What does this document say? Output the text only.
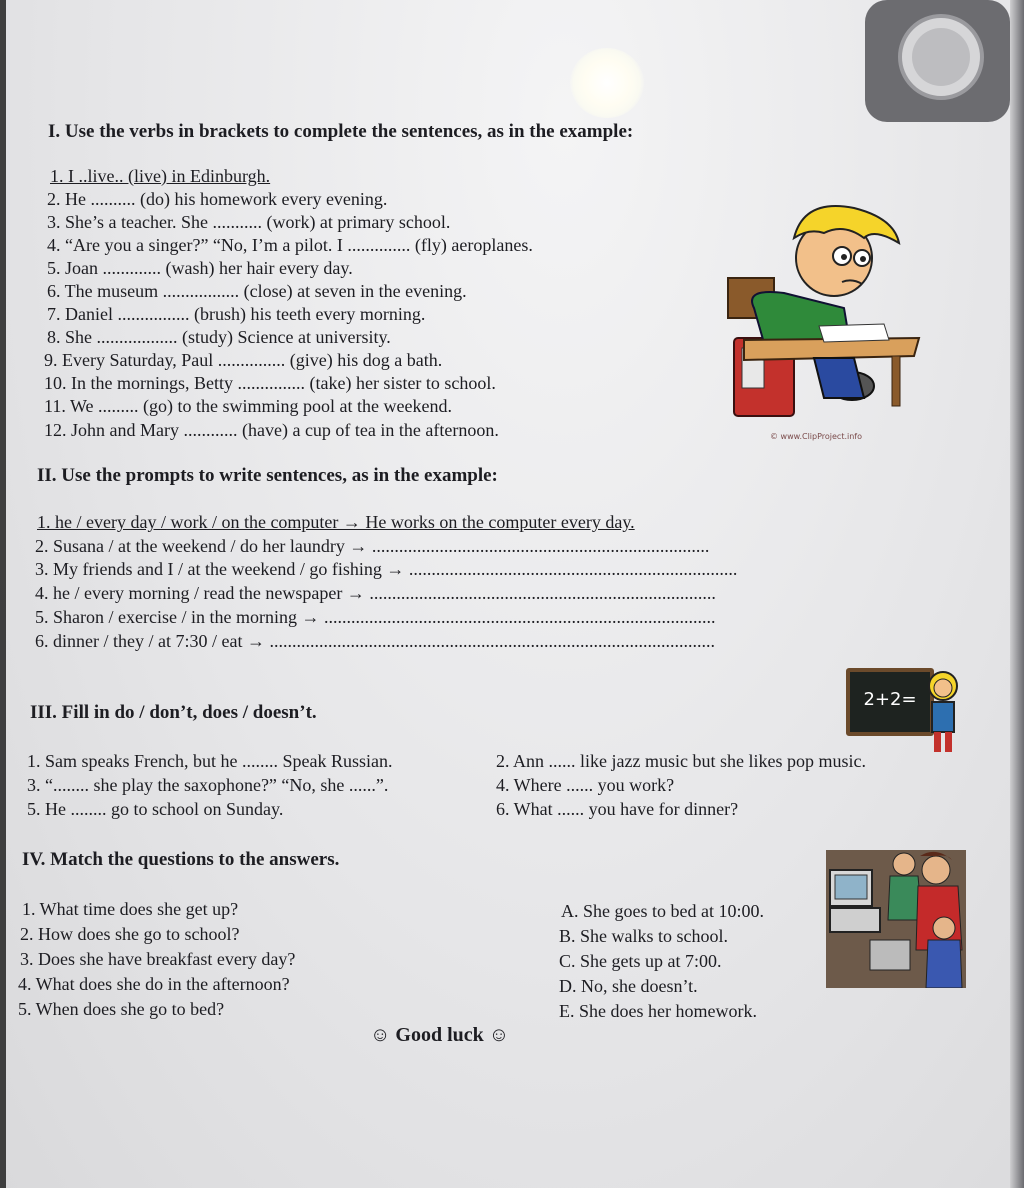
I. Use the verbs in brackets to complete the sentences, as in the example:
1. I ..live.. (live) in Edinburgh.
2. He .......... (do) his homework every evening.
3. She’s a teacher. She ........... (work) at primary school.
4. “Are you a singer?” “No, I’m a pilot. I .............. (fly) aeroplanes.
5. Joan ............. (wash) her hair every day.
6. The museum ................. (close) at seven in the evening.
7. Daniel ................ (brush) his teeth every morning.
8. She .................. (study) Science at university.
9. Every Saturday, Paul ............... (give) his dog a bath.
10. In the mornings, Betty ............... (take) her sister to school.
11. We ......... (go) to the swimming pool at the weekend.
12. John and Mary ............ (have) a cup of tea in the afternoon.	© www.ClipProject.info
II. Use the prompts to write sentences, as in the example:
1. he / every day / work / on the computer → He works on the computer every day.
2. Susana / at the weekend / do her laundry → ...........................................................................
3. My friends and I / at the weekend / go fishing → .........................................................................
4. he / every morning / read the newspaper → .............................................................................
5. Sharon / exercise / in the morning → .......................................................................................
6. dinner / they / at 7:30 / eat → ...................................................................................................
III. Fill in do / don’t, does / doesn’t.
2+2=
1. Sam speaks French, but he ........ Speak Russian.
3. “........ she play the saxophone?” “No, she ......”.
5. He ........ go to school on Sunday.
2. Ann ...... like jazz music but she likes pop music.
4. Where ...... you work?
6. What ...... you have for dinner?
IV. Match the questions to the answers.
1. What time does she get up?
2. How does she go to school?
3. Does she have breakfast every day?
4. What does she do in the afternoon?
5. When does she go to bed?
A. She goes to bed at 10:00.
B. She walks to school.
C. She gets up at 7:00.
D. No, she doesn’t.
E. She does her homework.
☺ Good luck ☺
